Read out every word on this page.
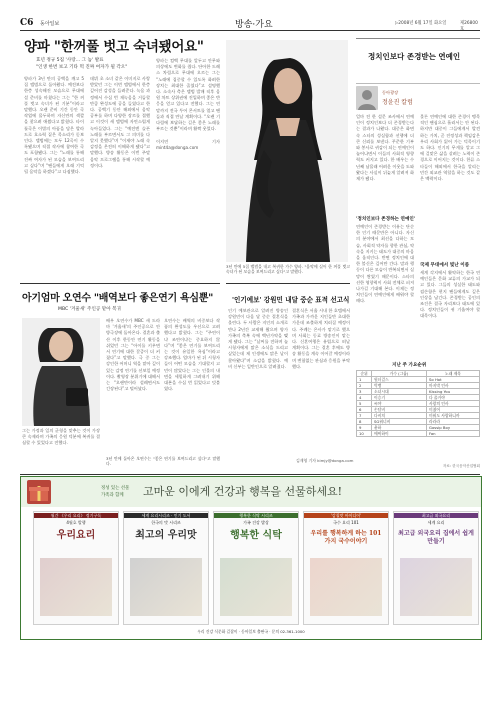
C6 동아일보	방송·가요	▷2008년 6월 17일 화요일	제26800
양파 "한꺼풀 벗고 숙녀됐어요"
효년 정규 5집 '사랑… 그 놈' 발표
"인생 한번 보고 기타 떡 진짜 여자가 될 각오"
양파가 3년 만의 공백을 깨고 5집 앨범으로 돌아왔다. 예전보다 한층 성숙해진 모습으로 무대에 설 준비를 마쳤다는 그는 “한 꺼풀 벗고 숙녀가 된 기분”이라고 말했다. 오랜 준비 기간 동안 곡 작업에 몰두하며 자신만의 색깔을 찾으려 애썼다고 밝혔다. 타이틀곡은 이별의 아픔을 담은 발라드로 호소력 짙은 목소리가 돋보인다. 앨범에는 모두 12곡이 수록됐으며 직접 작사에 참여한 곡도 포함됐다. 그는 “노래를 통해 진짜 여자가 된 모습을 보여드리고 싶다”며 “팬들에게 오래 기억될 음악을 하겠다”고 다짐했다.
데뷔 초 소녀 같은 이미지로 사랑받았던 그는 이번 앨범에서 한층 깊어진 감성을 들려준다. 녹음 과정에서 수십 번 재녹음을 거듭할 만큼 완성도에 공을 들였다고 한다. 공백기 동안 해외에서 음악 공부를 하며 다양한 장르를 접했고 이것이 새 앨범에 자연스럽게 녹아들었다. 그는 “예전엔 슬픈 노래를 부르면서도 그 의미를 다 알지 못했다”며 “이제야 노래 속 감정을 온전히 이해하게 됐다”고 말했다. 방송 활동은 이번 주말 음악 프로그램을 통해 시작할 예정이다.
양파는 컴백 무대를 앞두고 안무와 의상에도 변화를 줬다. 단아한 드레스 차림으로 무대에 오르는 그는 “노래에 집중할 수 있도록 화려한 장치는 최대한 줄였다”고 설명했다. 소속사 측은 앨범 발매 직후 음원 차트 상위권에 진입하며 좋은 반응을 얻고 있다고 전했다. 그는 연말까지 전국 투어 콘서트를 열고 팬들과 직접 만날 계획이다. “오랜 기다림에 보답하는 길은 좋은 노래를 부르는 것뿐”이라며 활짝 웃었다.

이지연 기자 mint4a@donga.com
3년 만에 5집 앨범을 내고 복귀한 가수 양파. "음악에 실어 한 꺼풀 벗고 숙녀가 된 모습을 보여드리고 싶다"고 말했다.
정치인보다 존경받는 연예인
동아광장
정윤진 칼럼
얼마 전 한 설문 조사에서 연예인이 정치인보다 더 존경받는다는 결과가 나왔다. 대중은 화면 속 스타의 성실함과 선행에 더 큰 신뢰를 보낸다. 꾸준한 기부와 봉사로 귀감이 되는 연예인이 늘어나면서 이들의 사회적 영향력도 커지고 있다. 한 배우는 수년째 남몰래 어려운 이웃을 도와 왔다는 사실이 뒤늦게 알려져 화제가 됐다.
'정치인보다 존경하는 연예인'
연예인이 존경받는 이유는 단순한 인기 때문만은 아니다. 자신의 분야에서 최선을 다하는 모습, 사회적 약자를 향한 관심, 약속을 지키는 태도가 대중의 마음을 움직인다. 반면 정치인에 대한 불신은 깊어만 간다. 말과 행동이 다른 모습이 반복되면서 실망이 쌓였기 때문이다. 스타의 선한 영향력이 사회 전체로 퍼져 나가길 기대해 본다. 이제는 정치인들이 연예인에게 배워야 할 때다.
물론 연예인에 대한 존경이 맹목적인 팬심으로 흘러서는 안 된다. 하지만 대중이 그들에게서 발견하는 가치, 곧 진정성과 책임감은 우리 사회가 잃어 가는 덕목이기도 하다. 인기의 무게를 알고 그에 걸맞은 삶을 살려는 노력이 존경으로 이어지는 것이다. 한류 스타들이 해외에서 한국을 알리는 민간 외교관 역할을 하는 것도 같은 맥락이다.
국제 무대에서 빛난 이름
세계 각지에서 활약하는 한국 연예인들은 문화 교류의 가교가 되고 있다. 그들의 성실한 태도와 겸손함은 현지 팬들에게도 깊은 인상을 남긴다. 존경받는 공인의 조건은 결국 자리보다 태도에 있다. 정치인들이 귀 기울여야 할 대목이다.
아기엄마 오연수 "배역보다 좋은연기 욕심뿐"
MBC '겨울새' 주인공 맡아 복귀
배우 오연수가 MBC 새 드라마 '겨울새'의 주인공으로 안방극장에 돌아온다. 결혼과 출산 이후 한동안 연기 활동을 쉬었던 그는 “아이를 키우면서 연기에 대한 갈증이 더 커졌다”고 말했다. 극 중 그는 강인한 어머니 역을 맡아 깊이 있는 감정 연기를 선보일 예정이다. 촬영장 분위기에 대해서는 “오랜만이라 설레면서도 긴장된다”고 털어놨다.
오연수는 배역의 비중보다 작품의 완성도를 우선으로 고려했다고 밝혔다. 그는 “주연이냐 조연이냐는 중요하지 않다”며 “좋은 연기를 보여드리는 것이 유일한 욕심”이라고 강조했다. 엄마가 된 뒤 시청자들이 어떤 모습을 기대할지 고민이 많았다는 그는 인물의 내면을 세밀하게 그려내기 위해 대본을 수십 번 읽었다고 덧붙였다.
3년 만에 돌아온 오연수는 "좋은 연기를 보여드리고 싶다"고 말했다.
그는 가정과 일의 균형을 맞추는 것이 가장 큰 숙제라며 가족의 응원 덕분에 복귀를 결심할 수 있었다고 전했다.
'인기예보' 강원민 내달 중순 표적 선고식
인기 예보관으로 알려진 방송인 강원민이 다음 달 중순 결혼식을 올린다. 두 사람은 지인의 소개로 만나 2년간 교제해 왔으며 양가 가족의 축복 속에 백년가약을 맺게 됐다. 그는 “날씨를 전하며 늘 시청자에게 맑은 소식을 드리고 싶었는데 제 인생에도 맑은 날이 찾아왔다”며 소감을 밝혔다. 예비 신부는 일반인으로 알려졌다.
결혼식은 서울 시내 한 호텔에서 가족과 가까운 지인들만 초대한 가운데 조촐하게 치러질 예정이다. 주례는 은사가 맡기로 했으며 사회는 동료 방송인이 맡는다. 신혼여행은 유럽으로 떠날 계획이다. 그는 결혼 후에도 방송 활동을 계속 이어갈 예정이라며 변함없는 관심과 응원을 부탁했다.
김재영 기자 kimjy@donga.com
지난 주 가요순위
순위	가수 (그룹)	노래 제목
1	원더걸스	So Hot
2	빅뱅	마지막 인사
3	소녀시대	Kissing You
4	이승기	다 줄거야
5	씨야	사랑의 인사
6	손담비	미쳤어
7	다비치	미워도 사랑하니까
8	SG워너비	라라라
9	윤하	Gossip Boy
10	에픽하이	Fan
자료: 한국음악산업협회
정성 있는 선물
가족과 함께 고마운 이에게 건강과 행복을 선물하세요!
월간 《우리 요리》 정기구독
4월호 발행
우리요리
세계 요리시리즈 · 인기 도서
한국의 맛 시리즈
최고의 우리맛
행복한 식탁 시리즈
가족 건강 밥상
행복한 식탁
'감칠맛 아이디어'
국수 요리 101
우리를 행복하게 하는 101가지 국수이야기
최고급 외국요리
세계 요리
최고급 외국요리 집에서 쉽게 만들기
우리 건강 식문화 길잡이 · 동아일보 출판국 · 문의 02-361-1000
